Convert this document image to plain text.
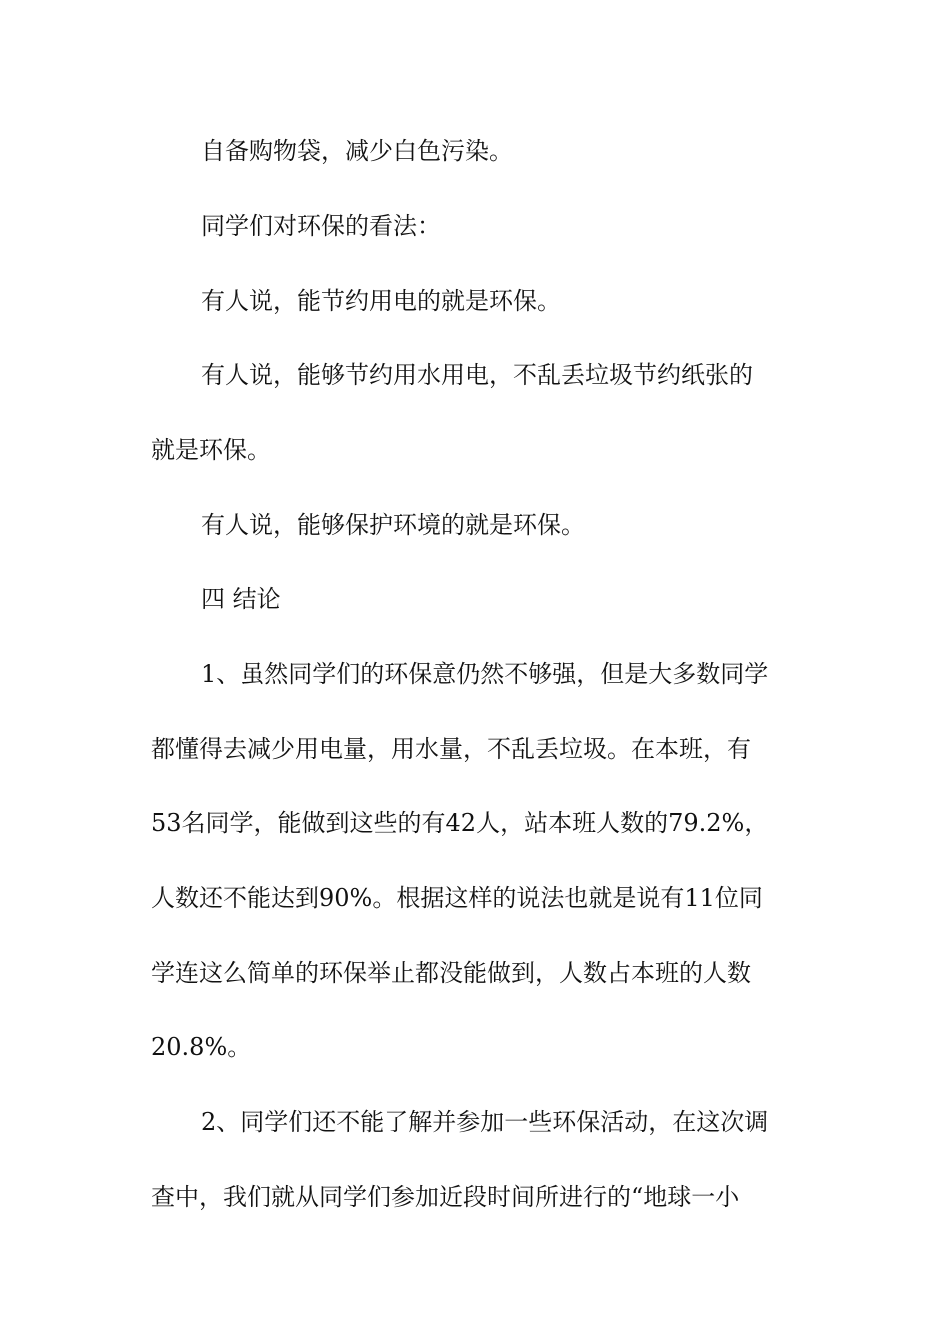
自备购物袋，减少白色污染。

同学们对环保的看法：

有人说，能节约用电的就是环保。

有人说，能够节约用水用电，不乱丢垃圾节约纸张的

就是环保。

有人说，能够保护环境的就是环保。

四 结论

1、虽然同学们的环保意仍然不够强，但是大多数同学

都懂得去减少用电量，用水量，不乱丢垃圾。在本班，有

53名同学，能做到这些的有42人，站本班人数的79.2%，

人数还不能达到90%。根据这样的说法也就是说有11位同

学连这么简单的环保举止都没能做到，人数占本班的人数

20.8%。

2、同学们还不能了解并参加一些环保活动，在这次调

查中，我们就从同学们参加近段时间所进行的“地球一小
